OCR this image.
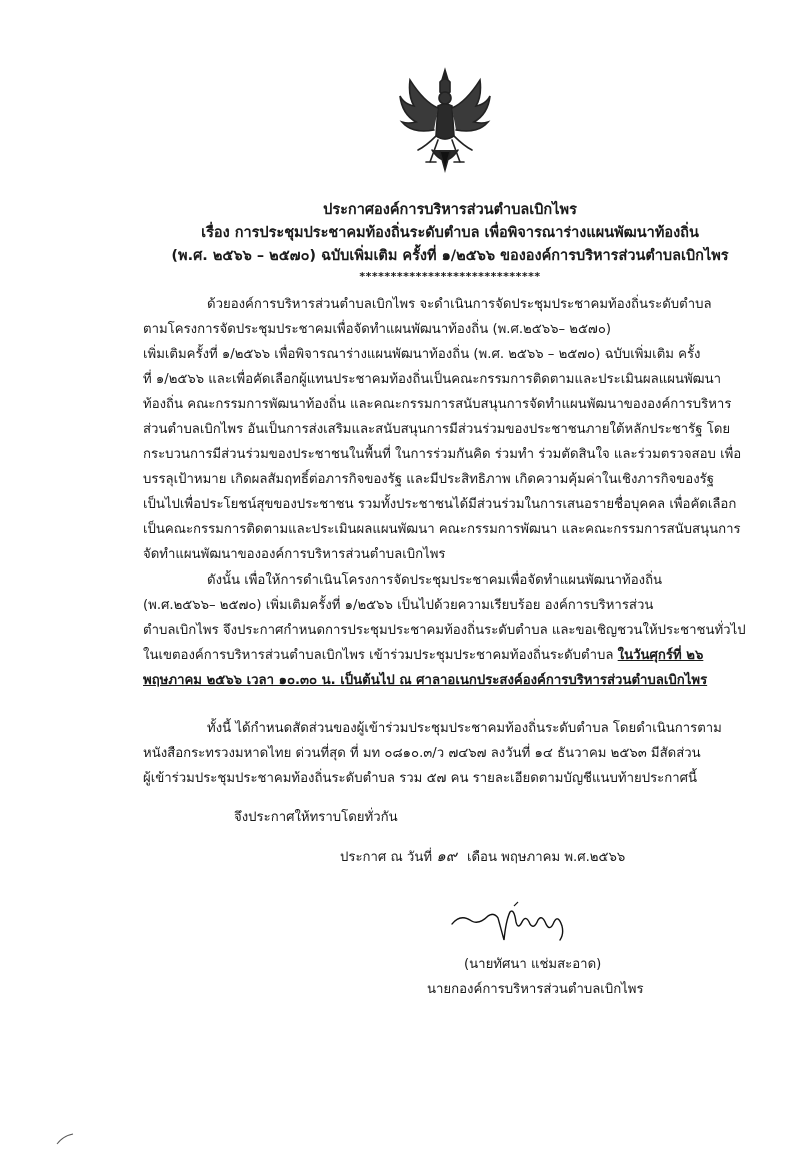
ประกาศองค์การบริหารส่วนตำบลเบิกไพร
เรื่อง การประชุมประชาคมท้องถิ่นระดับตำบล เพื่อพิจารณาร่างแผนพัฒนาท้องถิ่น
(พ.ศ. ๒๕๖๖ – ๒๕๗๐) ฉบับเพิ่มเติม ครั้งที่ ๑/๒๕๖๖ ขององค์การบริหารส่วนตำบลเบิกไพร
*****************************
ด้วยองค์การบริหารส่วนตำบลเบิกไพร จะดำเนินการจัดประชุมประชาคมท้องถิ่นระดับตำบล
ตามโครงการจัดประชุมประชาคมเพื่อจัดทำแผนพัฒนาท้องถิ่น (พ.ศ.๒๕๖๖– ๒๕๗๐)
เพิ่มเติมครั้งที่ ๑/๒๕๖๖ เพื่อพิจารณาร่างแผนพัฒนาท้องถิ่น (พ.ศ. ๒๕๖๖ – ๒๕๗๐) ฉบับเพิ่มเติม ครั้ง
ที่ ๑/๒๕๖๖ และเพื่อคัดเลือกผู้แทนประชาคมท้องถิ่นเป็นคณะกรรมการติดตามและประเมินผลแผนพัฒนา
ท้องถิ่น คณะกรรมการพัฒนาท้องถิ่น และคณะกรรมการสนับสนุนการจัดทำแผนพัฒนาขององค์การบริหาร
ส่วนตำบลเบิกไพร อันเป็นการส่งเสริมและสนับสนุนการมีส่วนร่วมของประชาชนภายใต้หลักประชารัฐ โดย
กระบวนการมีส่วนร่วมของประชาชนในพื้นที่ ในการร่วมกันคิด ร่วมทำ ร่วมตัดสินใจ และร่วมตรวจสอบ เพื่อ
บรรลุเป้าหมาย เกิดผลสัมฤทธิ์ต่อภารกิจของรัฐ และมีประสิทธิภาพ เกิดความคุ้มค่าในเชิงภารกิจของรัฐ
เป็นไปเพื่อประโยชน์สุขของประชาชน รวมทั้งประชาชนได้มีส่วนร่วมในการเสนอรายชื่อบุคคล เพื่อคัดเลือก
เป็นคณะกรรมการติดตามและประเมินผลแผนพัฒนา คณะกรรมการพัฒนา และคณะกรรมการสนับสนุนการ
จัดทำแผนพัฒนาขององค์การบริหารส่วนตำบลเบิกไพร
ดังนั้น เพื่อให้การดำเนินโครงการจัดประชุมประชาคมเพื่อจัดทำแผนพัฒนาท้องถิ่น
(พ.ศ.๒๕๖๖– ๒๕๗๐) เพิ่มเติมครั้งที่ ๑/๒๕๖๖ เป็นไปด้วยความเรียบร้อย องค์การบริหารส่วน
ตำบลเบิกไพร จึงประกาศกำหนดการประชุมประชาคมท้องถิ่นระดับตำบล และขอเชิญชวนให้ประชาชนทั่วไป
ในเขตองค์การบริหารส่วนตำบลเบิกไพร เข้าร่วมประชุมประชาคมท้องถิ่นระดับตำบล ในวันศุกร์ที่ ๒๖
พฤษภาคม ๒๕๖๖ เวลา ๑๐.๓๐ น. เป็นต้นไป ณ ศาลาอเนกประสงค์องค์การบริหารส่วนตำบลเบิกไพร
ทั้งนี้ ได้กำหนดสัดส่วนของผู้เข้าร่วมประชุมประชาคมท้องถิ่นระดับตำบล โดยดำเนินการตาม
หนังสือกระทรวงมหาดไทย ด่วนที่สุด ที่ มท ๐๘๑๐.๓/ว ๗๔๖๗ ลงวันที่ ๑๔ ธันวาคม ๒๕๖๓ มีสัดส่วน
ผู้เข้าร่วมประชุมประชาคมท้องถิ่นระดับตำบล รวม ๕๗ คน รายละเอียดตามบัญชีแนบท้ายประกาศนี้
จึงประกาศให้ทราบโดยทั่วกัน
ประกาศ ณ วันที่ ๑๙ เดือน พฤษภาคม พ.ศ.๒๕๖๖
(นายทัศนา แช่มสะอาด)
นายกองค์การบริหารส่วนตำบลเบิกไพร
